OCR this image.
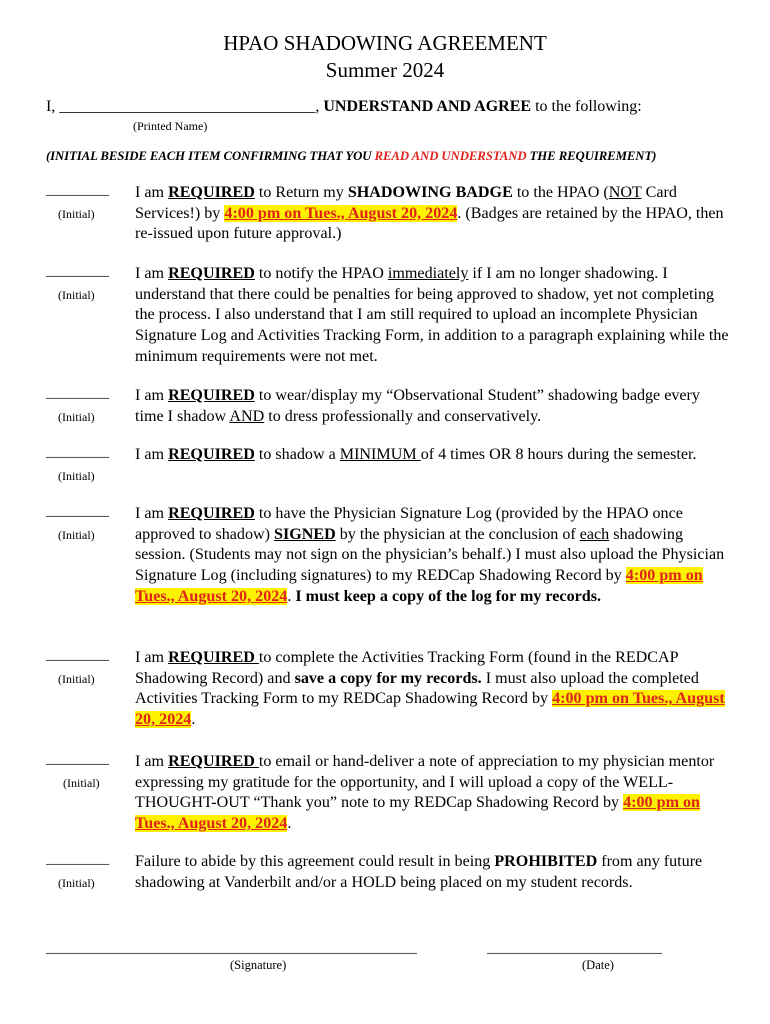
HPAO SHADOWING AGREEMENT
Summer 2024
I, ________________________________, UNDERSTAND AND AGREE to the following:
(Printed Name)
(INITIAL BESIDE EACH ITEM CONFIRMING THAT YOU READ AND UNDERSTAND THE REQUIREMENT)
_________
(Initial)
I am REQUIRED to Return my SHADOWING BADGE to the HPAO (NOT Card Services!) by 4:00 pm on Tues., August 20, 2024. (Badges are retained by the HPAO, then re-issued upon future approval.)
_________
(Initial)
I am REQUIRED to notify the HPAO immediately if I am no longer shadowing. I understand that there could be penalties for being approved to shadow, yet not completing the process. I also understand that I am still required to upload an incomplete Physician Signature Log and Activities Tracking Form, in addition to a paragraph explaining while the minimum requirements were not met.
_________
(Initial)
I am REQUIRED to wear/display my “Observational Student” shadowing badge every time I shadow AND to dress professionally and conservatively.
_________
(Initial)
I am REQUIRED to shadow a MINIMUM of 4 times OR 8 hours during the semester.
_________
(Initial)
I am REQUIRED to have the Physician Signature Log (provided by the HPAO once approved to shadow) SIGNED by the physician at the conclusion of each shadowing session. (Students may not sign on the physician’s behalf.) I must also upload the Physician Signature Log (including signatures) to my REDCap Shadowing Record by 4:00 pm on Tues., August 20, 2024. I must keep a copy of the log for my records.
_________
(Initial)
I am REQUIRED to complete the Activities Tracking Form (found in the REDCAP Shadowing Record) and save a copy for my records. I must also upload the completed Activities Tracking Form to my REDCap Shadowing Record by 4:00 pm on Tues., August 20, 2024.
_________
(Initial)
I am REQUIRED to email or hand-deliver a note of appreciation to my physician mentor expressing my gratitude for the opportunity, and I will upload a copy of the WELL-THOUGHT-OUT “Thank you” note to my REDCap Shadowing Record by 4:00 pm on Tues., August 20, 2024.
_________
(Initial)
Failure to abide by this agreement could result in being PROHIBITED from any future shadowing at Vanderbilt and/or a HOLD being placed on my student records.
_____________________________________________________
(Signature)
_________________________
(Date)
